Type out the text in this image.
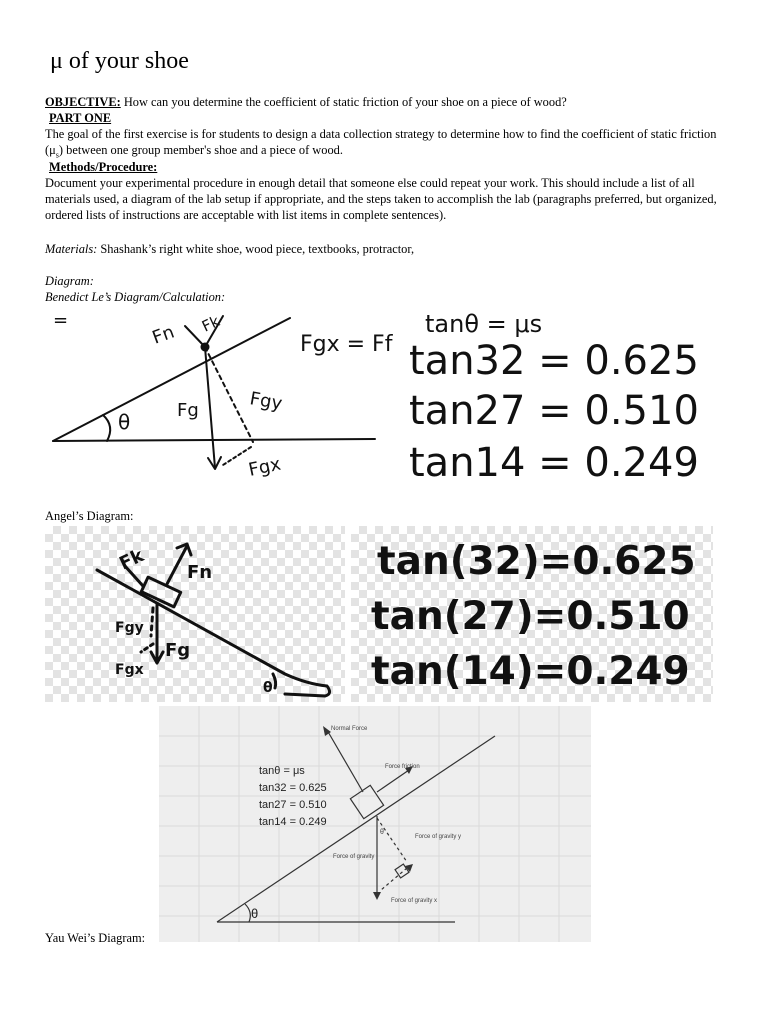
μ of your shoe
OBJECTIVE: How can you determine the coefficient of static friction of your shoe on a piece of wood?
PART ONE
The goal of the first exercise is for students to design a data collection strategy to determine how to find the coefficient of static friction $(\mu_s)$ between one group member's shoe and a piece of wood.
Methods/Procedure:
Document your experimental procedure in enough detail that someone else could repeat your work. This should include a list of all materials used, a diagram of the lab setup if appropriate, and the steps taken to accomplish the lab (paragraphs preferred, but organized, ordered lists of instructions are acceptable with list items in complete sentences).
Materials: Shashank’s right white shoe, wood piece, textbooks, protractor,
Diagram:
Benedict Le’s Diagram/Calculation:
=
Fn Fk
Fg	Fgy
Fgx
θ
Fgx = Ff
tanθ = μs
tan32 = 0.625
tan27 = 0.510
tan14 = 0.249
Angel’s Diagram:
Fk Fn
Fgy
Fg
Fgx
θ
tan(32)=0.625
tan(27)=0.510
tan(14)=0.249
Normal Force
Force friction
Force of gravity
Force of gravity y
Force of gravity x
θ
θ
tanθ = μs
tan32 = 0.625
tan27 = 0.510
tan14 = 0.249
Yau Wei’s Diagram:
